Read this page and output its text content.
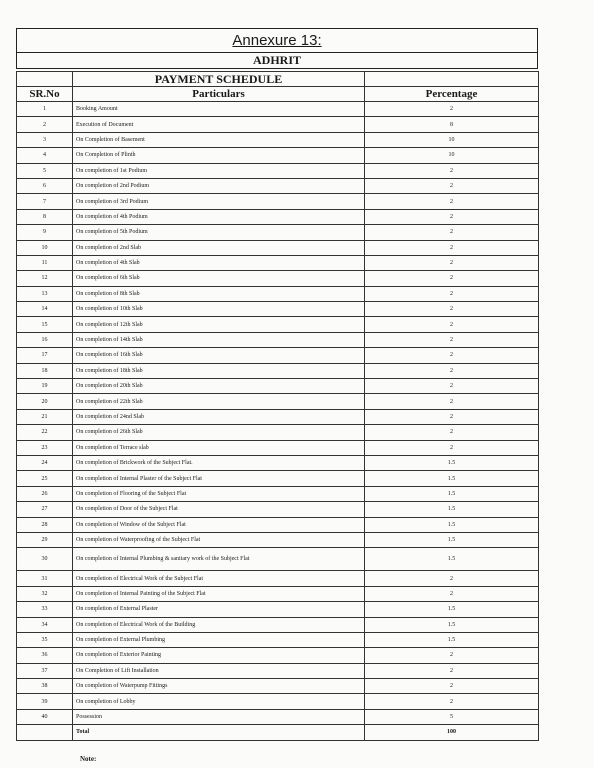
Annexure 13:
ADHRIT
	PAYMENT SCHEDULE	
SR.No	Particulars	Percentage
1	Booking Amount	2
2	Execution of Document	8
3	On Completion of Basement	10
4	On Completion of Plinth	10
5	On completion of 1st Podium	2
6	On completion of 2nd Podium	2
7	On completion of 3rd Podium	2
8	On completion of 4th Podium	2
9	On completion of 5th Podium	2
10	On completion of 2nd Slab	2
11	On completion of 4th Slab	2
12	On completion of 6th Slab	2
13	On completion of 8th Slab	2
14	On completion of 10th Slab	2
15	On completion of 12th Slab	2
16	On completion of 14th Slab	2
17	On completion of 16th Slab	2
18	On completion of 18th Slab	2
19	On completion of 20th Slab	2
20	On completion of 22th Slab	2
21	On completion of 24nd Slab	2
22	On completion of 26th Slab	2
23	On completion of Terrace slab	2
24	On completion of Brickwork of the Subject Flat.	1.5
25	On completion of Internal Plaster of the Subject Flat	1.5
26	On completion of Flooring of the Subject Flat	1.5
27	On completion of Door of the Subject Flat	1.5
28	On completion of Window of the Subject Flat	1.5
29	On completion of Waterproofing of the Subject Flat	1.5
30	On completion of Internal Plumbing & sanitary work of the Subject Flat	1.5
31	On completion of Electrical Work of the Subject Flat	2
32	On completion of Internal Painting of the Subject Flat	2
33	On completion of External Plaster	1.5
34	On completion of Electrical Work of the Building	1.5
35	On completion of External Plumbing	1.5
36	On completion of Exterior Painting	2
37	On Completion of Lift Installation	2
38	On completion of Waterpump Fittings	2
39	On completion of Lobby	2
40	Possession	5
	Total	100
Note:
